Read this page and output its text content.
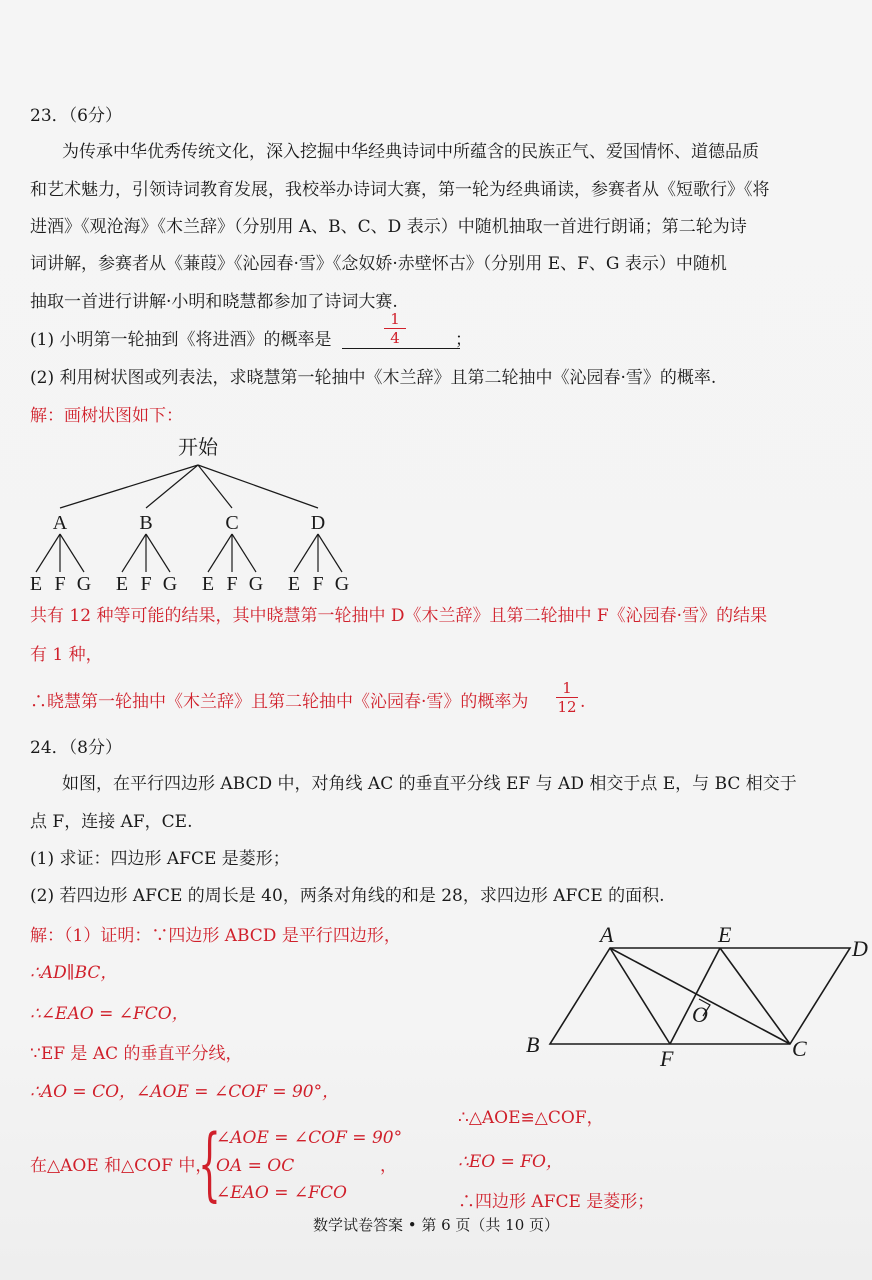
23．（6分）

为传承中华优秀传统文化，深入挖掘中华经典诗词中所蕴含的民族正气、爱国情怀、道德品质

和艺术魅力，引领诗词教育发展，我校举办诗词大赛，第一轮为经典诵读，参赛者从《短歌行》《将

进酒》《观沧海》《木兰辞》（分别用 A、B、C、D 表示）中随机抽取一首进行朗诵；第二轮为诗

词讲解，参赛者从《蒹葭》《沁园春·雪》《念奴娇·赤壁怀古》（分别用 E、F、G 表示）中随机

抽取一首进行讲解·小明和晓慧都参加了诗词大赛.

(1) 小明第一轮抽到《将进酒》的概率是

1
4	；

(2) 利用树状图或列表法，求晓慧第一轮抽中《木兰辞》且第二轮抽中《沁园春·雪》的概率.

解：画树状图如下：

开始
A	B	C	D
E F G E F G E F G E F G

共有 12 种等可能的结果，其中晓慧第一轮抽中 D《木兰辞》且第二轮抽中 F《沁园春·雪》的结果

有 1 种，

∴晓慧第一轮抽中《木兰辞》且第二轮抽中《沁园春·雪》的概率为

1
12 .

24．（8分）

如图，在平行四边形 ABCD 中，对角线 AC 的垂直平分线 EF 与 AD 相交于点 E，与 BC 相交于

点 F，连接 AF，CE.

(1) 求证：四边形 AFCE 是菱形；

(2) 若四边形 AFCE 的周长是 40，两条对角线的和是 28，求四边形 AFCE 的面积.

解：（1）证明：∵四边形 ABCD 是平行四边形，

∴AD∥BC，

∴∠EAO = ∠FCO，

∵EF 是 AC 的垂直平分线，

∴AO = CO，∠AOE = ∠COF = 90°，

在△AOE 和△COF 中，

{

∠AOE = ∠COF = 90°

OA = OC

∠EAO = ∠FCO

，

∴△AOE≌△COF，

∴EO = FO，

∴四边形 AFCE 是菱形；

A	E
D
B
F	C
O
数学试卷答案 • 第 6 页（共 10 页）
